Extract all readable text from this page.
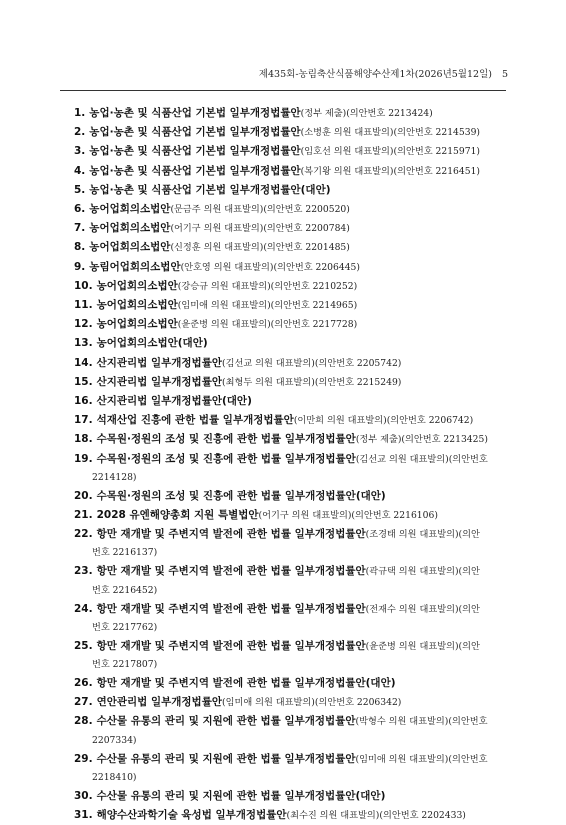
제435회-농림축산식품해양수산제1차(2026년5월12일) 5
1. 농업·농촌 및 식품산업 기본법 일부개정법률안(정부 제출)(의안번호 2213424)
2. 농업·농촌 및 식품산업 기본법 일부개정법률안(소병훈 의원 대표발의)(의안번호 2214539)
3. 농업·농촌 및 식품산업 기본법 일부개정법률안(임호선 의원 대표발의)(의안번호 2215971)
4. 농업·농촌 및 식품산업 기본법 일부개정법률안(복기왕 의원 대표발의)(의안번호 2216451)
5. 농업·농촌 및 식품산업 기본법 일부개정법률안(대안)
6. 농어업회의소법안(문금주 의원 대표발의)(의안번호 2200520)
7. 농어업회의소법안(어기구 의원 대표발의)(의안번호 2200784)
8. 농어업회의소법안(신정훈 의원 대표발의)(의안번호 2201485)
9. 농림어업회의소법안(안호영 의원 대표발의)(의안번호 2206445)
10. 농어업회의소법안(강승규 의원 대표발의)(의안번호 2210252)
11. 농어업회의소법안(임미애 의원 대표발의)(의안번호 2214965)
12. 농어업회의소법안(윤준병 의원 대표발의)(의안번호 2217728)
13. 농어업회의소법안(대안)
14. 산지관리법 일부개정법률안(김선교 의원 대표발의)(의안번호 2205742)
15. 산지관리법 일부개정법률안(최형두 의원 대표발의)(의안번호 2215249)
16. 산지관리법 일부개정법률안(대안)
17. 석재산업 진흥에 관한 법률 일부개정법률안(이만희 의원 대표발의)(의안번호 2206742)
18. 수목원·정원의 조성 및 진흥에 관한 법률 일부개정법률안(정부 제출)(의안번호 2213425)
19. 수목원·정원의 조성 및 진흥에 관한 법률 일부개정법률안(김선교 의원 대표발의)(의안번호
2214128)
20. 수목원·정원의 조성 및 진흥에 관한 법률 일부개정법률안(대안)
21. 2028 유엔해양총회 지원 특별법안(어기구 의원 대표발의)(의안번호 2216106)
22. 항만 재개발 및 주변지역 발전에 관한 법률 일부개정법률안(조경태 의원 대표발의)(의안
번호 2216137)
23. 항만 재개발 및 주변지역 발전에 관한 법률 일부개정법률안(곽규택 의원 대표발의)(의안
번호 2216452)
24. 항만 재개발 및 주변지역 발전에 관한 법률 일부개정법률안(전재수 의원 대표발의)(의안
번호 2217762)
25. 항만 재개발 및 주변지역 발전에 관한 법률 일부개정법률안(윤준병 의원 대표발의)(의안
번호 2217807)
26. 항만 재개발 및 주변지역 발전에 관한 법률 일부개정법률안(대안)
27. 연안관리법 일부개정법률안(임미애 의원 대표발의)(의안번호 2206342)
28. 수산물 유통의 관리 및 지원에 관한 법률 일부개정법률안(박형수 의원 대표발의)(의안번호
2207334)
29. 수산물 유통의 관리 및 지원에 관한 법률 일부개정법률안(임미애 의원 대표발의)(의안번호
2218410)
30. 수산물 유통의 관리 및 지원에 관한 법률 일부개정법률안(대안)
31. 해양수산과학기술 육성법 일부개정법률안(최수진 의원 대표발의)(의안번호 2202433)
